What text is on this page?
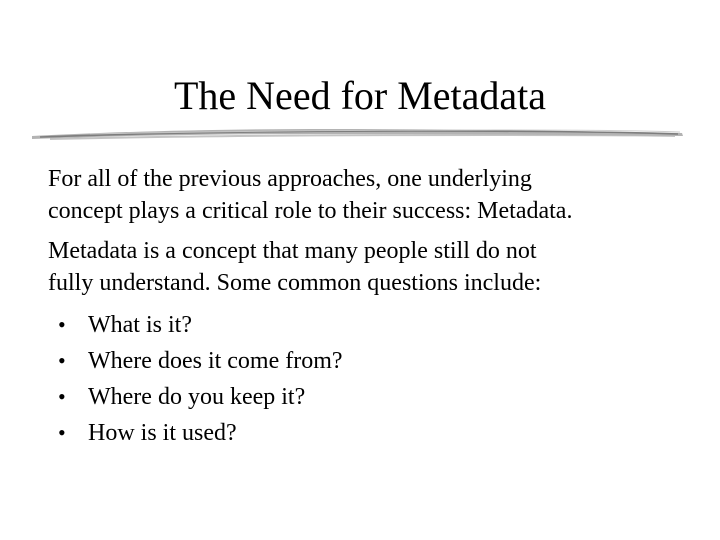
The Need for Metadata

For all of the previous approaches, one underlying
concept plays a critical role to their success: Metadata.

Metadata is a concept that many people still do not
fully understand. Some common questions include:

• What is it?
• Where does it come from?
• Where do you keep it?
• How is it used?
